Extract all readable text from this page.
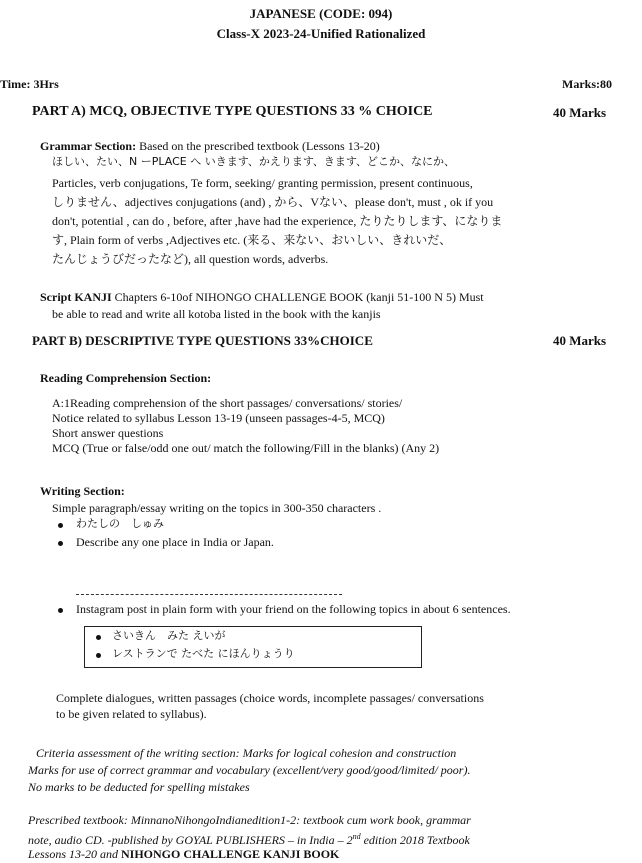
JAPANESE (CODE: 094)
Class-X 2023-24-Unified Rationalized
Time: 3Hrs	Marks:80
PART A) MCQ, OBJECTIVE TYPE QUESTIONS 33 % CHOICE	40 Marks
Grammar Section: Based on the prescribed textbook (Lessons 13-20)
ほしい、たい、N ーPLACE へ いきます、かえります、きます、どこか、なにか、
Particles, verb conjugations, Te form, seeking/ granting permission, present continuous,
しりません、adjectives conjugations (and) , から、Vない、please don't, must , ok if you
don't, potential , can do , before, after ,have had the experience, たりたりします、になりま
す, Plain form of verbs ,Adjectives etc. (来る、来ない、おいしい、きれいだ、
たんじょうびだったなど), all question words, adverbs.
Script KANJI Chapters 6-10of NIHONGO CHALLENGE BOOK (kanji 51-100 N 5) Must
be able to read and write all kotoba listed in the book with the kanjis
PART B) DESCRIPTIVE TYPE QUESTIONS 33%CHOICE	40 Marks
Reading Comprehension Section:
A:1Reading comprehension of the short passages/ conversations/ stories/
Notice related to syllabus Lesson 13-19 (unseen passages-4-5, MCQ)
Short answer questions
MCQ (True or false/odd one out/ match the following/Fill in the blanks) (Any 2)
Writing Section:
Simple paragraph/essay writing on the topics in 300-350 characters .
わたしの　しゅみ
Describe any one place in India or Japan.
Instagram post in plain form with your friend on the following topics in about 6 sentences.
さいきん　みた えいが
レストランで たべた にほんりょうり
Complete dialogues, written passages (choice words, incomplete passages/ conversations
to be given related to syllabus).
Criteria assessment of the writing section: Marks for logical cohesion and construction
Marks for use of correct grammar and vocabulary (excellent/very good/good/limited/ poor).
No marks to be deducted for spelling mistakes
Prescribed textbook: MinnanoNihongoIndianedition1-2: textbook cum work book, grammar
note, audio CD. -published by GOYAL PUBLISHERS – in India – 2nd edition 2018 Textbook
Lessons 13-20 and NIHONGO CHALLENGE KANJI BOOK
